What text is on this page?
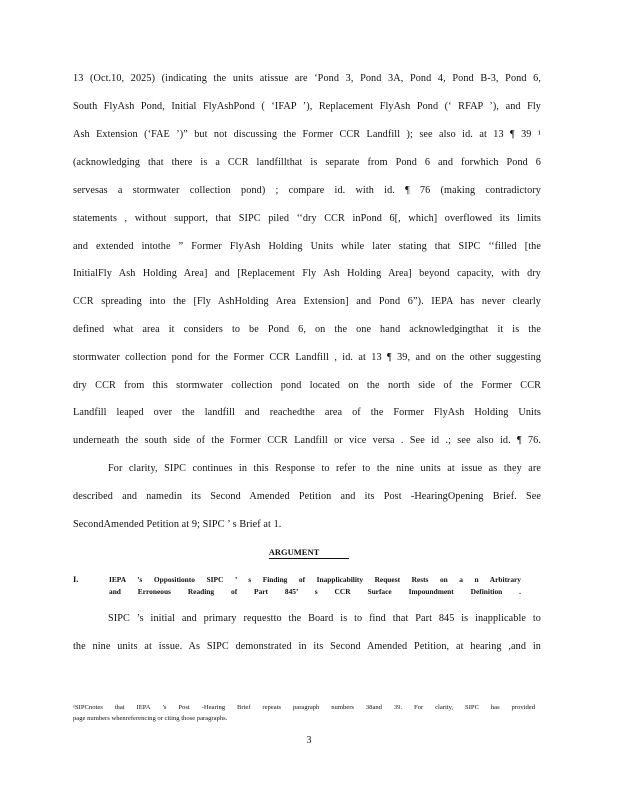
13 (Oct.10, 2025) (indicating the units atissue are ‘Pond 3, Pond 3A, Pond 4, Pond B-3, Pond 6,
South FlyAsh Pond, Initial FlyAshPond ( ‘IFAP ’), Replacement FlyAsh Pond (‘ RFAP ’), and Fly
Ash Extension (‘FAE ’)” but not discussing the Former CCR Landfill ); see also id. at 13 ¶ 39 ¹
(acknowledging that there is a CCR landfillthat is separate from Pond 6 and forwhich Pond 6
servesas a stormwater collection pond) ; compare id. with id. ¶ 76 (making contradictory
statements , without support, that SIPC piled ‘‘dry CCR inPond 6[, which] overflowed its limits
and extended intothe ” Former FlyAsh Holding Units while later stating that SIPC ‘‘filled [the
InitialFly Ash Holding Area] and [Replacement Fly Ash Holding Area] beyond capacity, with dry
CCR spreading into the [Fly AshHolding Area Extension] and Pond 6”). IEPA has never clearly
defined what area it considers to be Pond 6, on the one hand acknowledgingthat it is the
stormwater collection pond for the Former CCR Landfill , id. at 13 ¶ 39, and on the other suggesting
dry CCR from this stormwater collection pond located on the north side of the Former CCR
Landfill leaped over the landfill and reachedthe area of the Former FlyAsh Holding Units
underneath the south side of the Former CCR Landfill or vice versa . See id .; see also id. ¶ 76.
For clarity, SIPC continues in this Response to refer to the nine units at issue as they are
described and namedin its Second Amended Petition and its Post -HearingOpening Brief. See
SecondAmended Petition at 9; SIPC ’ s Brief at 1.
ARGUMENT
I.	IEPA ’s Oppositionto SIPC ’ s Finding of Inapplicability Request Rests on a n Arbitrary
and Erroneous Reading of Part 845’ s CCR Surface Impoundment Definition .
SIPC ’s initial and primary requestto the Board is to find that Part 845 is inapplicable to
the nine units at issue. As SIPC demonstrated in its Second Amended Petition, at hearing ,and in
¹SIPCnotes that IEPA ’s Post -Hearing Brief repeats paragraph numbers 38and 39. For clarity, SIPC has provided
page numbers whenreferencing or citing those paragraphs.
3
